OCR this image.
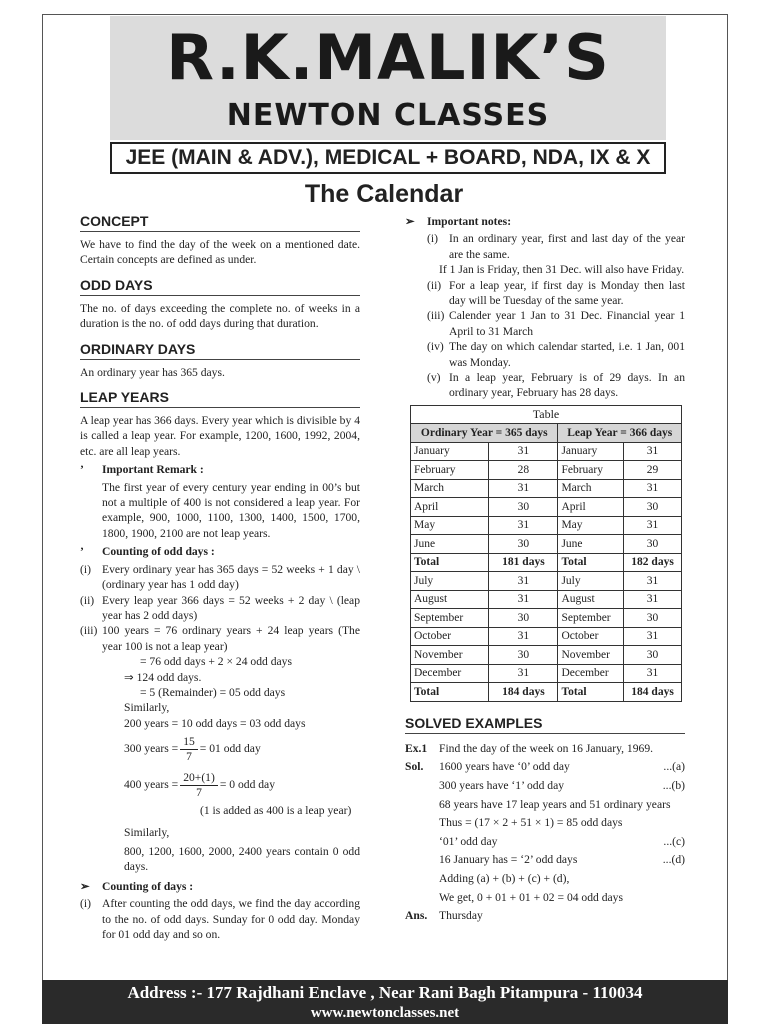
R.K.MALIK’S
NEWTON CLASSES
JEE (MAIN & ADV.), MEDICAL + BOARD, NDA, IX & X
The Calendar
CONCEPT

We have to find the day of the week on a mentioned date. Certain concepts are defined as under.

ODD DAYS

The no. of days exceeding the complete no. of weeks in a duration is the no. of odd days during that duration.

ORDINARY DAYS

An ordinary year has 365 days.

LEAP YEARS

A leap year has 366 days. Every year which is divisible by 4 is called a leap year. For example, 1200, 1600, 1992, 2004, etc. are all leap years.

’ Important Remark :
The first year of every century year ending in 00’s but not a multiple of 400 is not considered a leap year. For example, 900, 1000, 1100, 1300, 1400, 1500, 1700, 1800, 1900, 2100 are not leap years.
’ Counting of odd days :
(i) Every ordinary year has 365 days = 52 weeks + 1 day \ (ordinary year has 1 odd day)
(ii) Every leap year 366 days = 52 weeks + 2 day \ (leap year has 2 odd days)
(iii) 100 years = 76 ordinary years + 24 leap years (The year 100 is not a leap year)
= 76 odd days + 2 × 24 odd days
⇒ 124 odd days.
= 5 (Remainder) = 05 odd days
Similarly,
200 years = 10 odd days = 03 odd days
300 years = $\frac{15}{7} = 01$ odd day
400 years = $\frac{20+(1)}{7} = 0$ odd day
(1 is added as 400 is a leap year)
Similarly,
800, 1200, 1600, 2000, 2400 years contain 0 odd days.
➢ Counting of days :
(i) After counting the odd days, we find the day according to the no. of odd days. Sunday for 0 odd day. Monday for 01 odd day and so on.
➢ Important notes:
(i) In an ordinary year, first and last day of the year are the same.
If 1 Jan is Friday, then 31 Dec. will also have Friday.
(ii) For a leap year, if first day is Monday then last day will be Tuesday of the same year.
(iii) Calender year 1 Jan to 31 Dec. Financial year 1 April to 31 March
(iv) The day on which calendar started, i.e. 1 Jan, 001 was Monday.
(v) In a leap year, February is of 29 days. In an ordinary year, February has 28 days.
Table			
Ordinary Year = 365 days		Leap Year = 366 days	
January	31	January	31
February	28	February	29
March	31	March	31
April	30	April	30
May	31	May	31
June	30	June	30
Total	181 days	Total	182 days
July	31	July	31
August	31	August	31
September	30	September	30
October	31	October	31
November	30	November	30
December	31	December	31
Total	184 days	Total	184 days
SOLVED EXAMPLES
Ex.1	Find the day of the week on 16 January, 1969.
Sol.	1600 years have ‘0’ odd day	...(a)
300 years have ‘1’ odd day	...(b)
68 years have 17 leap years and 51 ordinary years
Thus = (17 × 2 + 51 × 1) = 85 odd days
‘01’ odd day	...(c)
16 January has = ‘2’ odd days	...(d)
Adding (a) + (b) + (c) + (d),
We get, 0 + 01 + 01 + 02 = 04 odd days
Ans.	Thursday
Address :- 177 Rajdhani Enclave , Near Rani Bagh Pitampura - 110034
www.newtonclasses.net
